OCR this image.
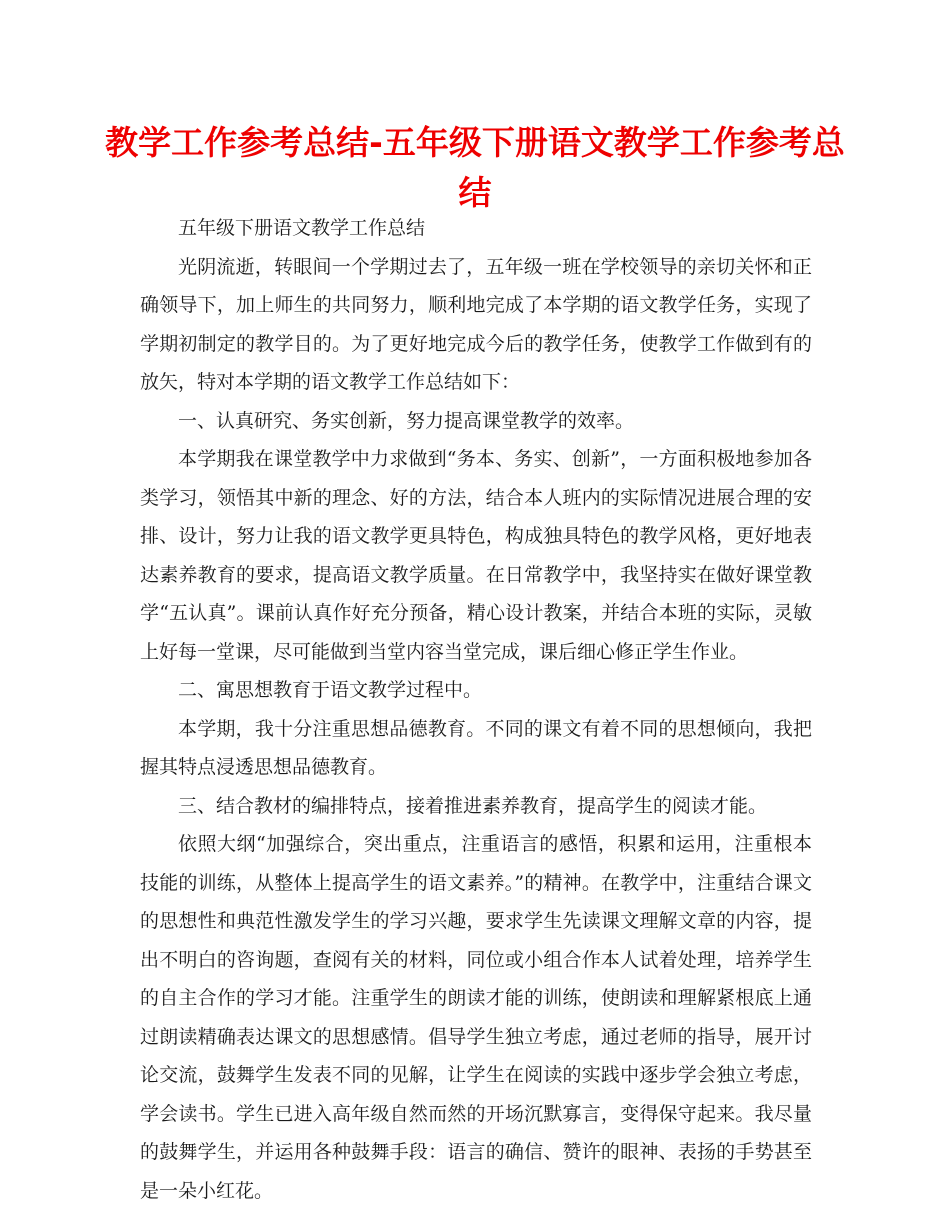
教学工作参考总结-五年级下册语文教学工作参考总结

五年级下册语文教学工作总结

光阴流逝，转眼间一个学期过去了，五年级一班在学校领导的亲切关怀和正确领导下，加上师生的共同努力，顺利地完成了本学期的语文教学任务，实现了学期初制定的教学目的。为了更好地完成今后的教学任务，使教学工作做到有的放矢，特对本学期的语文教学工作总结如下：

一、认真研究、务实创新，努力提高课堂教学的效率。

本学期我在课堂教学中力求做到“务本、务实、创新”，一方面积极地参加各类学习，领悟其中新的理念、好的方法，结合本人班内的实际情况进展合理的安排、设计，努力让我的语文教学更具特色，构成独具特色的教学风格，更好地表达素养教育的要求，提高语文教学质量。在日常教学中，我坚持实在做好课堂教学“五认真”。课前认真作好充分预备，精心设计教案，并结合本班的实际，灵敏上好每一堂课，尽可能做到当堂内容当堂完成，课后细心修正学生作业。

二、寓思想教育于语文教学过程中。

本学期，我十分注重思想品德教育。不同的课文有着不同的思想倾向，我把握其特点浸透思想品德教育。

三、结合教材的编排特点，接着推进素养教育，提高学生的阅读才能。

依照大纲“加强综合，突出重点，注重语言的感悟，积累和运用，注重根本技能的训练，从整体上提高学生的语文素养。”的精神。在教学中，注重结合课文的思想性和典范性激发学生的学习兴趣，要求学生先读课文理解文章的内容，提出不明白的咨询题，查阅有关的材料，同位或小组合作本人试着处理，培养学生的自主合作的学习才能。注重学生的朗读才能的训练，使朗读和理解紧根底上通过朗读精确表达课文的思想感情。倡导学生独立考虑，通过老师的指导，展开讨论交流，鼓舞学生发表不同的见解，让学生在阅读的实践中逐步学会独立考虑，学会读书。学生已进入高年级自然而然的开场沉默寡言，变得保守起来。我尽量的鼓舞学生，并运用各种鼓舞手段：语言的确信、赞许的眼神、表扬的手势甚至是一朵小红花。
